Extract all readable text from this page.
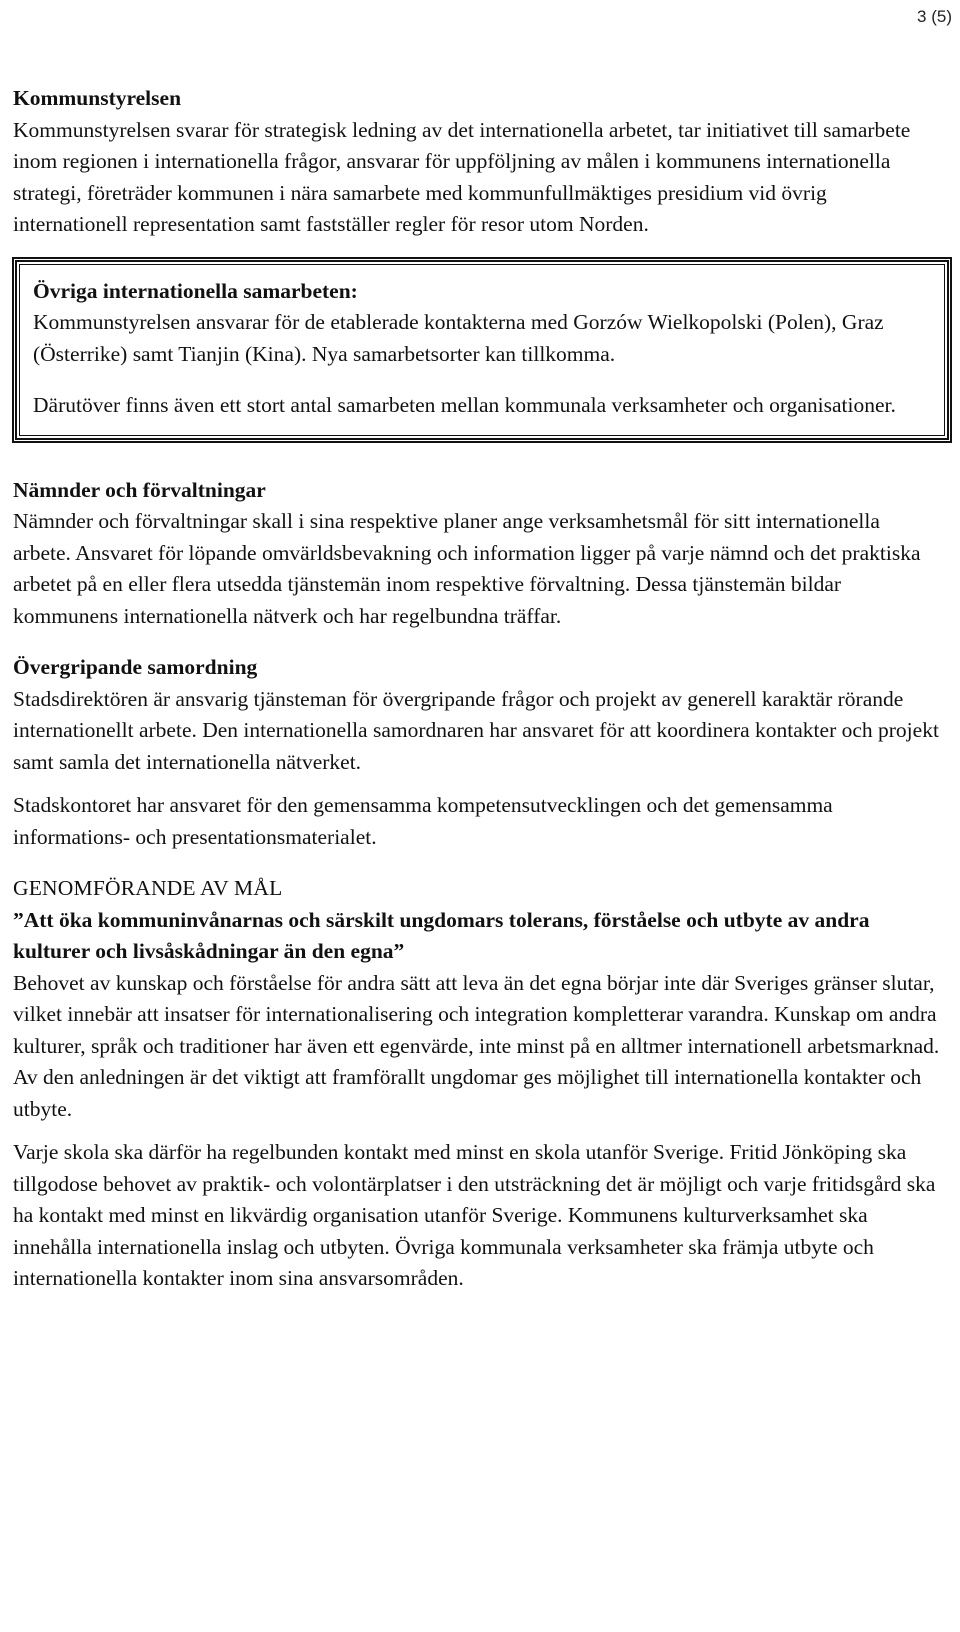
3 (5)
Kommunstyrelsen

Kommunstyrelsen svarar för strategisk ledning av det internationella arbetet, tar initiativet till samarbete inom regionen i internationella frågor, ansvarar för uppföljning av målen i kommunens internationella strategi, företräder kommunen i nära samarbete med kommunfullmäktiges presidium vid övrig internationell representation samt fastställer regler för resor utom Norden.

Övriga internationella samarbeten:

Kommunstyrelsen ansvarar för de etablerade kontakterna med Gorzów Wielkopolski (Polen), Graz (Österrike) samt Tianjin (Kina). Nya samarbetsorter kan tillkomma.

Därutöver finns även ett stort antal samarbeten mellan kommunala verksamheter och organisationer.

Nämnder och förvaltningar

Nämnder och förvaltningar skall i sina respektive planer ange verksamhetsmål för sitt internationella arbete. Ansvaret för löpande omvärldsbevakning och information ligger på varje nämnd och det praktiska arbetet på en eller flera utsedda tjänstemän inom respektive förvaltning. Dessa tjänstemän bildar kommunens internationella nätverk och har regelbundna träffar.

Övergripande samordning

Stadsdirektören är ansvarig tjänsteman för övergripande frågor och projekt av generell karaktär rörande internationellt arbete. Den internationella samordnaren har ansvaret för att koordinera kontakter och projekt samt samla det internationella nätverket.

Stadskontoret har ansvaret för den gemensamma kompetensutvecklingen och det gemensamma informations- och presentationsmaterialet.

GENOMFÖRANDE AV MÅL
”Att öka kommuninvånarnas och särskilt ungdomars tolerans, förståelse och utbyte av andra kulturer och livsåskådningar än den egna”

Behovet av kunskap och förståelse för andra sätt att leva än det egna börjar inte där Sveriges gränser slutar, vilket innebär att insatser för internationalisering och integration kompletterar varandra. Kunskap om andra kulturer, språk och traditioner har även ett egenvärde, inte minst på en alltmer internationell arbetsmarknad. Av den anledningen är det viktigt att framförallt ungdomar ges möjlighet till internationella kontakter och utbyte.

Varje skola ska därför ha regelbunden kontakt med minst en skola utanför Sverige. Fritid Jönköping ska tillgodose behovet av praktik- och volontärplatser i den utsträckning det är möjligt och varje fritidsgård ska ha kontakt med minst en likvärdig organisation utanför Sverige. Kommunens kulturverksamhet ska innehålla internationella inslag och utbyten. Övriga kommunala verksamheter ska främja utbyte och internationella kontakter inom sina ansvarsområden.
